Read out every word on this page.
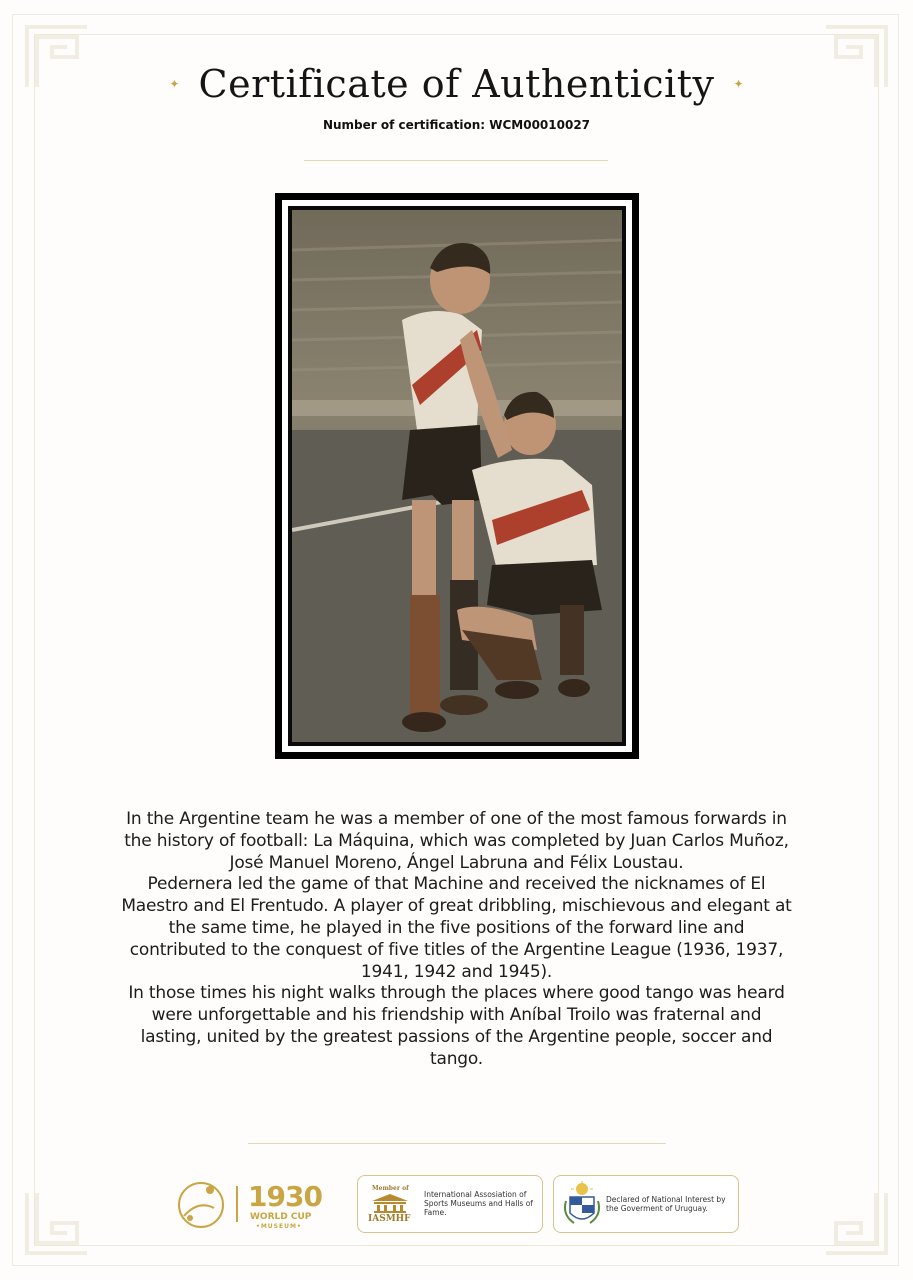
✦ Certificate of Authenticity ✦
Number of certification: WCM00010027

In the Argentine team he was a member of one of the most famous forwards in the history of football: La Máquina, which was completed by Juan Carlos Muñoz, José Manuel Moreno, Ángel Labruna and Félix Loustau.

Pedernera led the game of that Machine and received the nicknames of El Maestro and El Frentudo. A player of great dribbling, mischievous and elegant at the same time, he played in the five positions of the forward line and contributed to the conquest of five titles of the Argentine League (1936, 1937, 1941, 1942 and 1945).

In those times his night walks through the places where good tango was heard were unforgettable and his friendship with Aníbal Troilo was fraternal and lasting, united by the greatest passions of the Argentine people, soccer and tango.

1930
WORLD CUP
•MUSEUM•
Member of
IASMHF
International Assosiation of Sports Museums and Halls of Fame.
Declared of National Interest by the Goverment of Uruguay.
